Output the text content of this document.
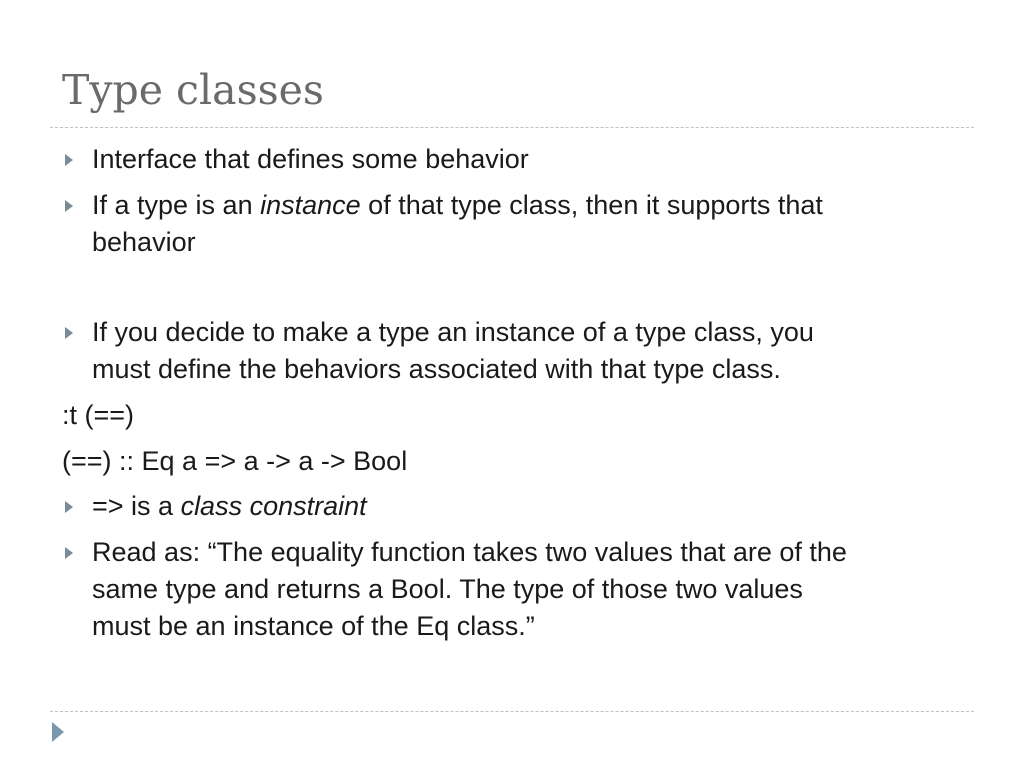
Type classes
Interface that defines some behavior
If a type is an instance of that type class, then it supports that
behavior
If you decide to make a type an instance of a type class, you
must define the behaviors associated with that type class.
:t (==)
(==) :: Eq a => a -> a -> Bool
=> is a class constraint
Read as: “The equality function takes two values that are of the
same type and returns a Bool. The type of those two values
must be an instance of the Eq class.”
